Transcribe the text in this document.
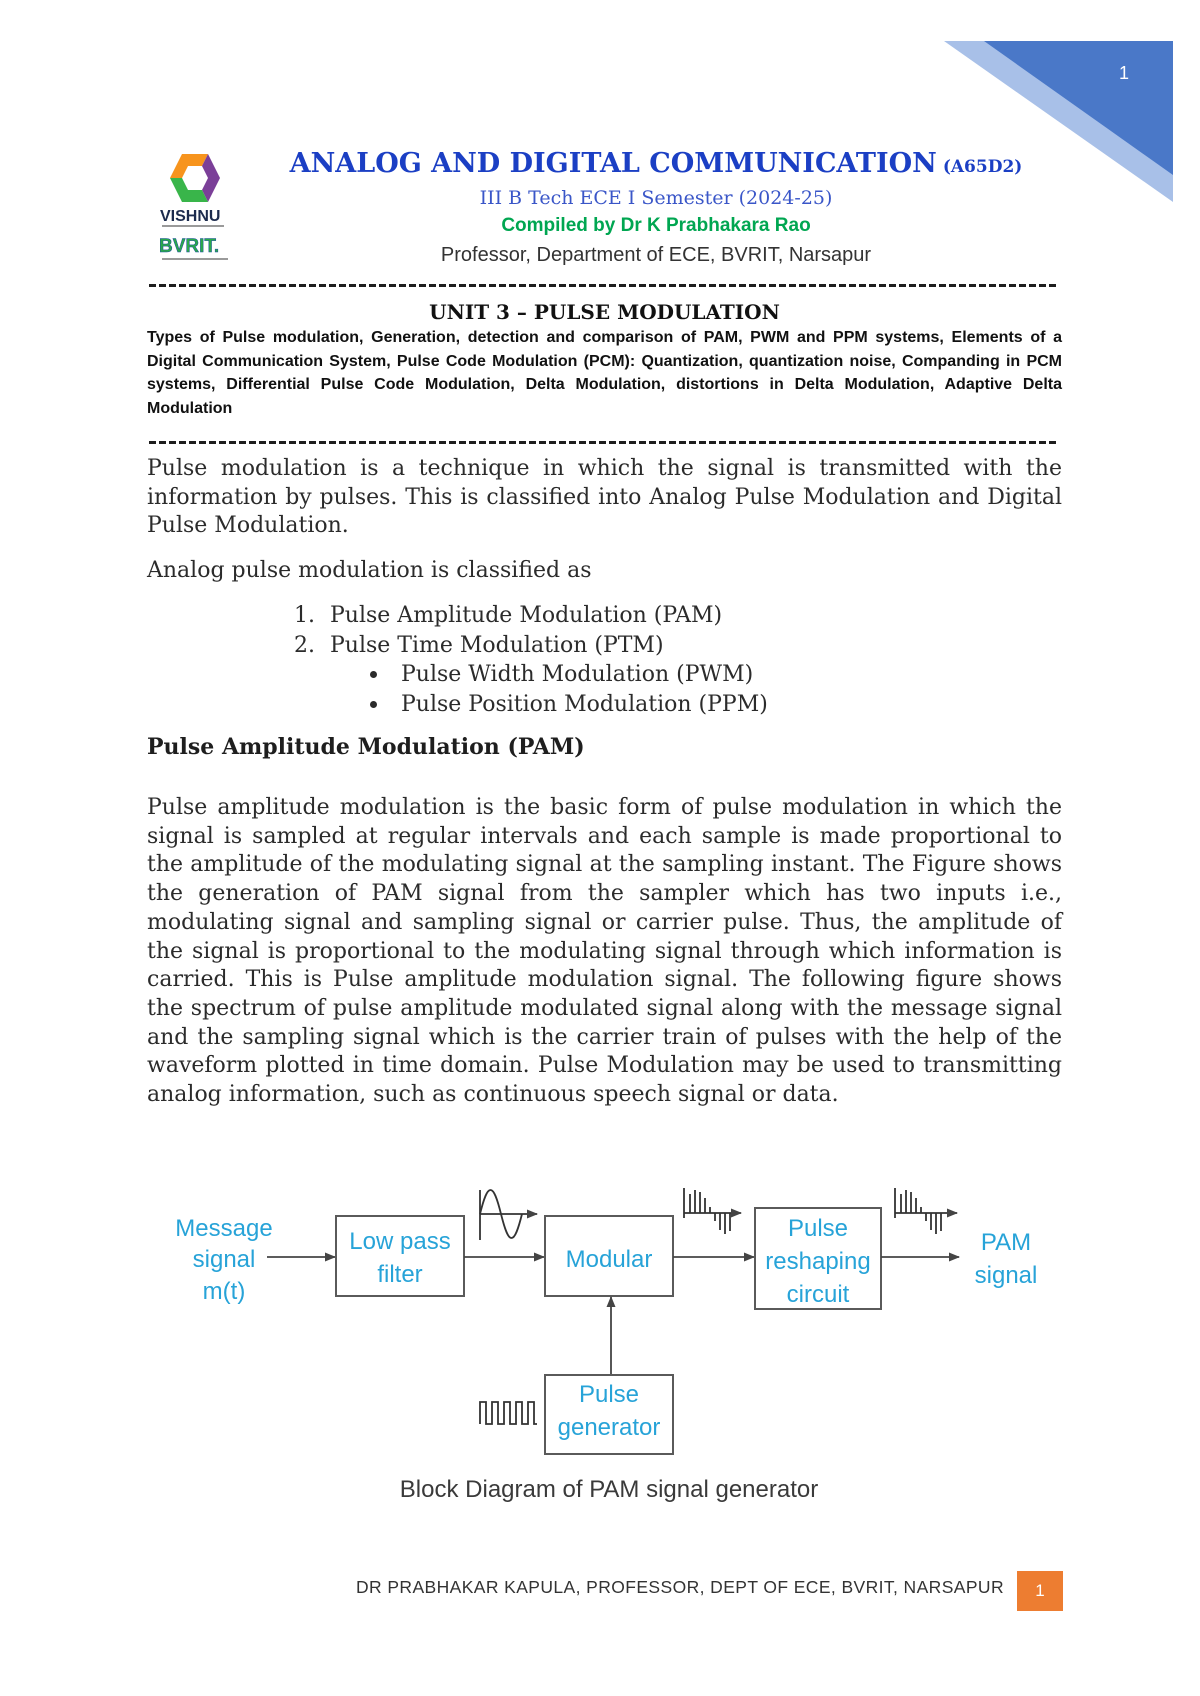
1
VISHNU
BVRIT.
ANALOG AND DIGITAL COMMUNICATION (A65D2)
III B Tech ECE I Semester (2024-25)
Compiled by Dr K Prabhakara Rao
Professor, Department of ECE, BVRIT, Narsapur
UNIT 3 – PULSE MODULATION
Types of Pulse modulation, Generation, detection and comparison of PAM, PWM and PPM systems, Elements of a Digital Communication System, Pulse Code Modulation (PCM): Quantization, quantization noise, Companding in PCM systems, Differential Pulse Code Modulation, Delta Modulation, distortions in Delta Modulation, Adaptive Delta Modulation
Pulse modulation is a technique in which the signal is transmitted with the information by pulses. This is classified into Analog Pulse Modulation and Digital Pulse Modulation.
Analog pulse modulation is classified as
1. Pulse Amplitude Modulation (PAM)
2. Pulse Time Modulation (PTM)
Pulse Width Modulation (PWM)
Pulse Position Modulation (PPM)
Pulse Amplitude Modulation (PAM)
Pulse amplitude modulation is the basic form of pulse modulation in which the signal is sampled at regular intervals and each sample is made proportional to the amplitude of the modulating signal at the sampling instant. The Figure shows the generation of PAM signal from the sampler which has two inputs i.e., modulating signal and sampling signal or carrier pulse. Thus, the amplitude of the signal is proportional to the modulating signal through which information is carried. This is Pulse amplitude modulation signal. The following figure shows the spectrum of pulse amplitude modulated signal along with the message signal and the sampling signal which is the carrier train of pulses with the help of the waveform plotted in time domain. Pulse Modulation may be used to transmitting analog information, such as continuous speech signal or data.
Message
signal
m(t)
Low pass
filter
Modular
Pulse
reshaping
circuit
PAM
signal
Pulse
generator
Block Diagram of PAM signal generator
DR PRABHAKAR KAPULA, PROFESSOR, DEPT OF ECE, BVRIT, NARSAPUR	1
